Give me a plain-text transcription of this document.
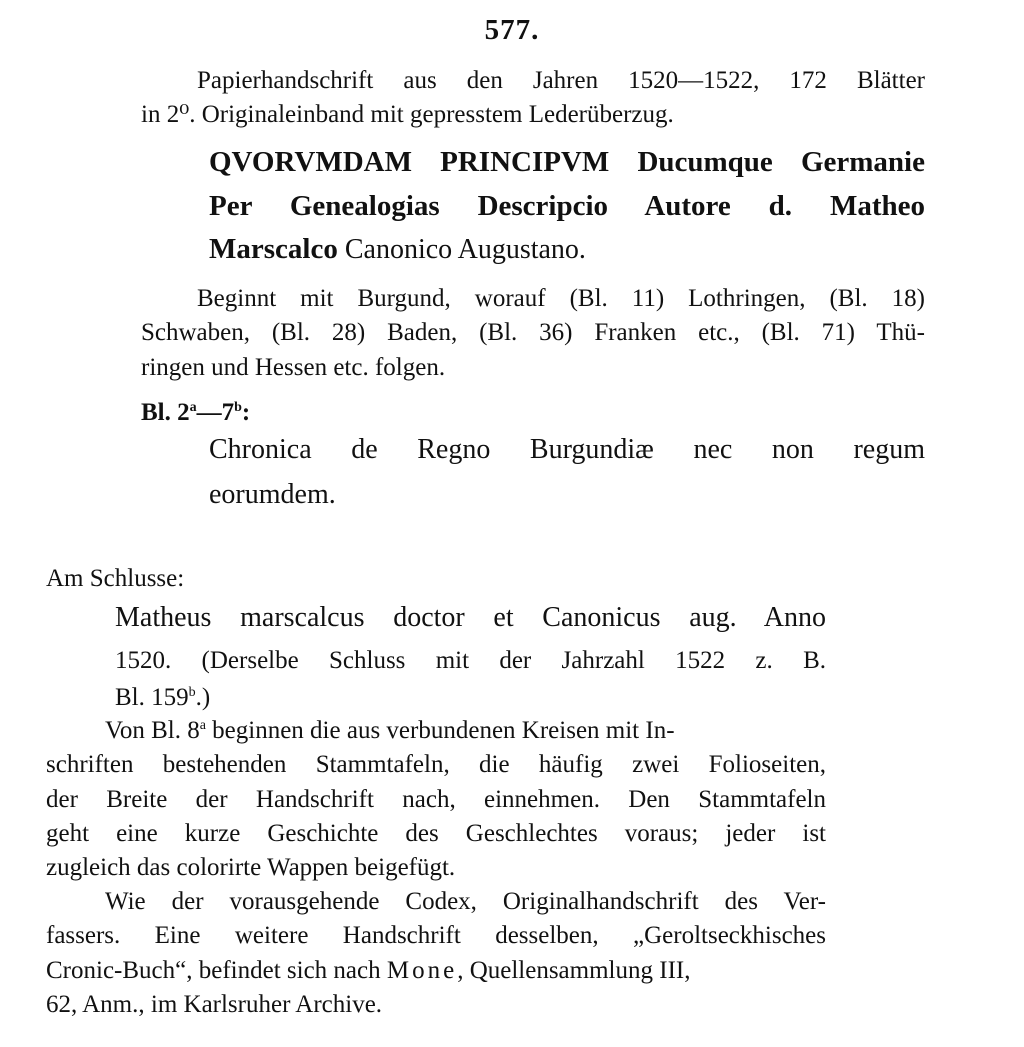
577.
Papierhandschrift aus den Jahren 1520—1522, 172 Blätter
in 2⁰. Originaleinband mit gepresstem Lederüberzug.
QVORVMDAM PRINCIPVM Ducumque Germanie
Per Genealogias Descripcio Autore d. Matheo
Marscalco Canonico Augustano.
Beginnt mit Burgund, worauf (Bl. 11) Lothringen, (Bl. 18)
Schwaben, (Bl. 28) Baden, (Bl. 36) Franken etc., (Bl. 71) Thü-
ringen und Hessen etc. folgen.
Bl. 2$^a$—7$^b$:
Chronica de Regno Burgundiæ nec non regum
eorumdem.
Am Schlusse:
Matheus marscalcus doctor et Canonicus aug. Anno
1520. (Derselbe Schluss mit der Jahrzahl 1522 z. B.
Bl. 159$^b$.)
Von Bl. 8$^a$ beginnen die aus verbundenen Kreisen mit In-
schriften bestehenden Stammtafeln, die häufig zwei Folioseiten,
der Breite der Handschrift nach, einnehmen. Den Stammtafeln
geht eine kurze Geschichte des Geschlechtes voraus; jeder ist
zugleich das colorirte Wappen beigefügt.
Wie der vorausgehende Codex, Originalhandschrift des Ver-
fassers. Eine weitere Handschrift desselben, „Geroltseckhisches
Cronic-Buch“, befindet sich nach Mone, Quellensammlung III,
62, Anm., im Karlsruher Archive.
